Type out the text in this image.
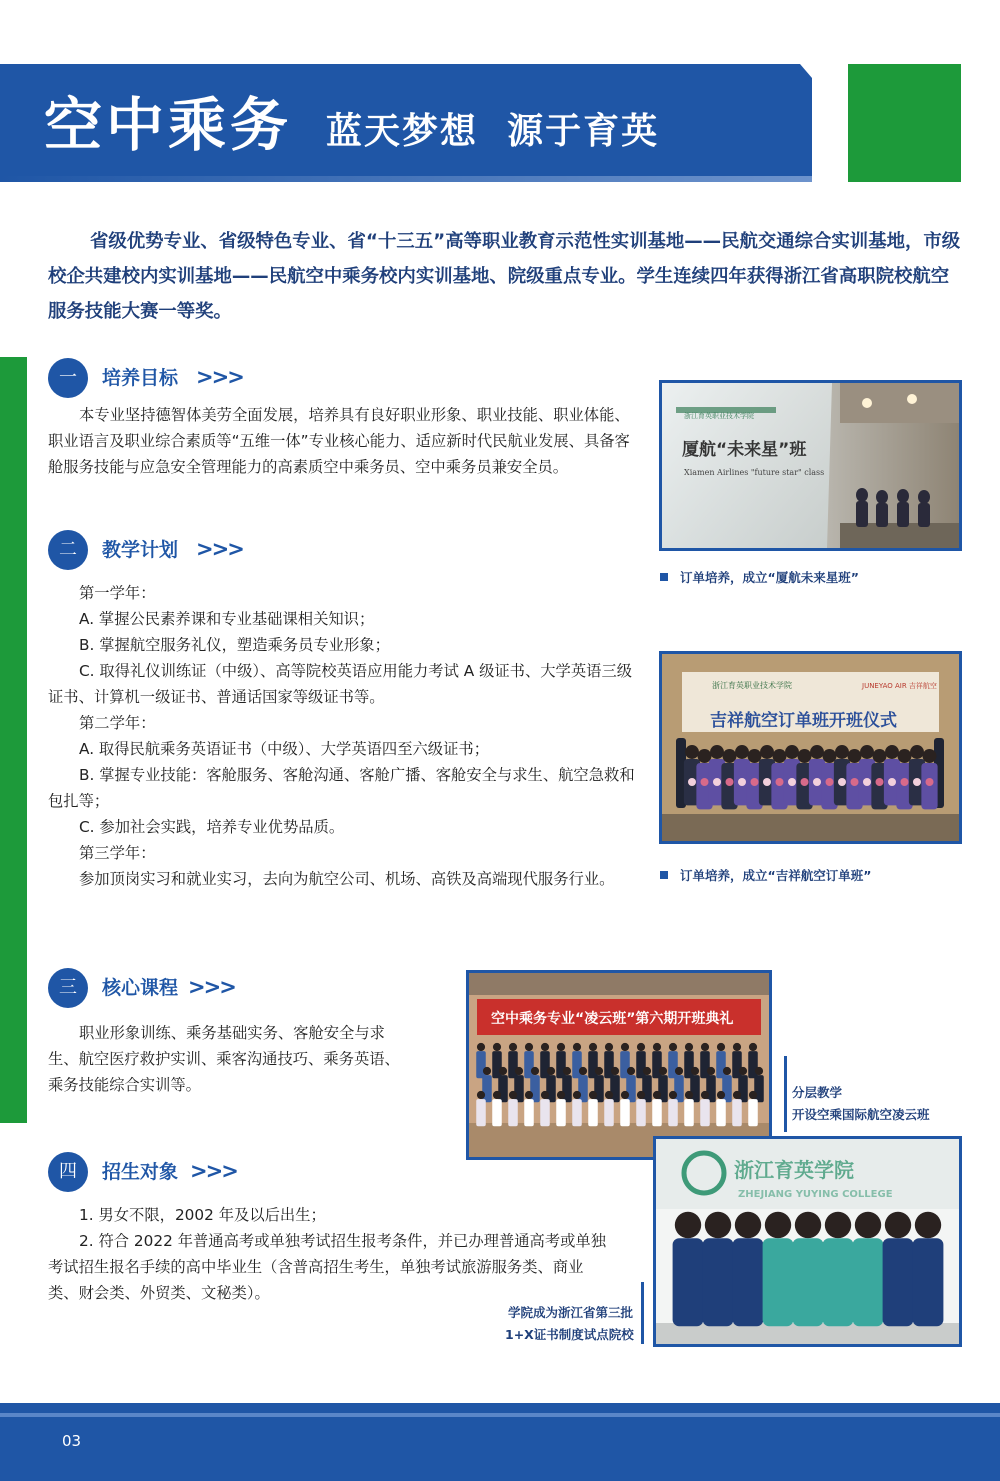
空中乘务 蓝天梦想  源于育英

省级优势专业、省级特色专业、省“十三五”高等职业教育示范性实训基地——民航交通综合实训基地，市级校企共建校内实训基地——民航空中乘务校内实训基地、院级重点专业。学生连续四年获得浙江省高职院校航空服务技能大赛一等奖。

一	培养目标 >>>
本专业坚持德智体美劳全面发展，培养具有良好职业形象、职业技能、职业体能、职业语言及职业综合素质等“五维一体”专业核心能力、适应新时代民航业发展、具备客舱服务技能与应急安全管理能力的高素质空中乘务员、空中乘务员兼安全员。
二	教学计划 >>>

第一学年：

A. 掌握公民素养课和专业基础课相关知识；

B. 掌握航空服务礼仪，塑造乘务员专业形象；

C. 取得礼仪训练证（中级）、高等院校英语应用能力考试 A 级证书、大学英语三级证书、计算机一级证书、普通话国家等级证书等。

第二学年：

A. 取得民航乘务英语证书（中级）、大学英语四至六级证书；

B. 掌握专业技能：客舱服务、客舱沟通、客舱广播、客舱安全与求生、航空急救和包扎等；

C. 参加社会实践，培养专业优势品质。

第三学年：

参加顶岗实习和就业实习，去向为航空公司、机场、高铁及高端现代服务行业。

三	核心课程 >>>
职业形象训练、乘务基础实务、客舱安全与求生、航空医疗救护实训、乘客沟通技巧、乘务英语、乘务技能综合实训等。
四	招生对象 >>>

1. 男女不限，2002 年及以后出生；

2. 符合 2022 年普通高考或单独考试招生报考条件，并已办理普通高考或单独考试招生报名手续的高中毕业生（含普高招生考生，单独考试旅游服务类、商业类、财会类、外贸类、文秘类）。

浙江育英职业技术学院
厦航“未来星”班
Xiamen Airlines "future star" class
订单培养，成立“厦航未来星班”
浙江育英职业技术学院	JUNEYAO AIR 吉祥航空
吉祥航空订单班开班仪式
订单培养，成立“吉祥航空订单班”
空中乘务专业“凌云班”第六期开班典礼
分层教学
开设空乘国际航空凌云班
浙江育英学院
ZHEJIANG YUYING COLLEGE
学院成为浙江省第三批
1+X证书制度试点院校
03
